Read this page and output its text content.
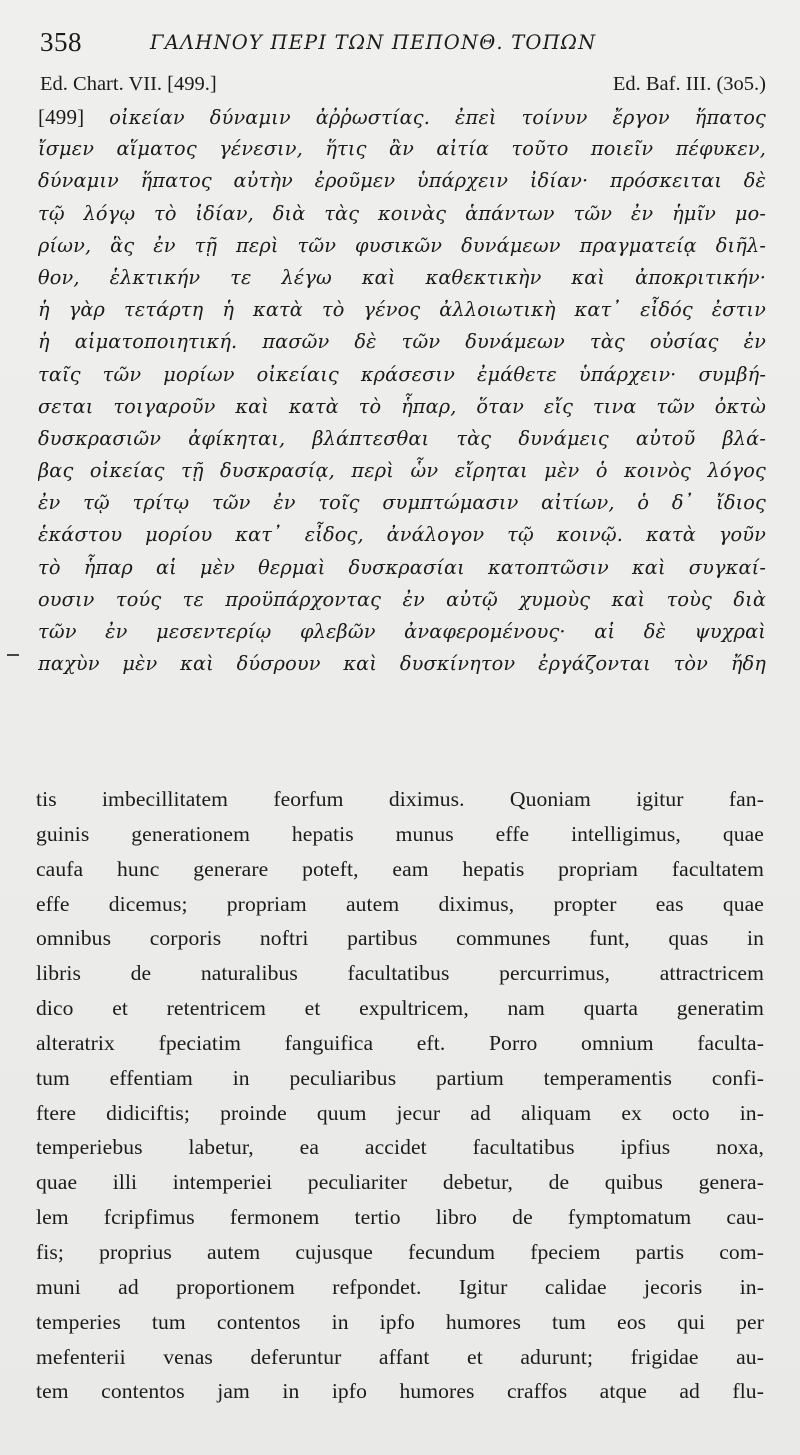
358	ΓΑΛΗΝΟΥ ΠΕΡΙ ΤΩΝ ΠΕΠΟΝΘ. ΤΟΠΩΝ
Ed. Chart. VII. [499.]	Ed. Baf. III. (3o5.)
[499] οἰκείαν δύναμιν ἀῤῥωστίας. ἐπεὶ τοίνυν ἔργον ἥπατος
ἴσμεν αἵματος γένεσιν, ἥτις ἂν αἰτία τοῦτο ποιεῖν πέφυκεν,
δύναμιν ἥπατος αὐτὴν ἐροῦμεν ὑπάρχειν ἰδίαν· πρόσκειται δὲ
τῷ λόγῳ τὸ ἰδίαν, διὰ τὰς κοινὰς ἁπάντων τῶν ἐν ἡμῖν μο-
ρίων, ἃς ἐν τῇ περὶ τῶν φυσικῶν δυνάμεων πραγματείᾳ διῆλ-
θον, ἑλκτικήν τε λέγω καὶ καθεκτικὴν καὶ ἀποκριτικήν·
ἡ γὰρ τετάρτη ἡ κατὰ τὸ γένος ἀλλοιωτικὴ κατ᾽ εἶδός ἐστιν
ἡ αἱματοποιητική. πασῶν δὲ τῶν δυνάμεων τὰς οὐσίας ἐν
ταῖς τῶν μορίων οἰκείαις κράσεσιν ἐμάθετε ὑπάρχειν· συμβή-
σεται τοιγαροῦν καὶ κατὰ τὸ ἧπαρ, ὅταν εἴς τινα τῶν ὀκτὼ
δυσκρασιῶν ἀφίκηται, βλάπτεσθαι τὰς δυνάμεις αὐτοῦ βλά-
βας οἰκείας τῇ δυσκρασίᾳ, περὶ ὧν εἴρηται μὲν ὁ κοινὸς λόγος
ἐν τῷ τρίτῳ τῶν ἐν τοῖς συμπτώμασιν αἰτίων, ὁ δ᾽ ἴδιος
ἑκάστου μορίου κατ᾽ εἶδος, ἀνάλογον τῷ κοινῷ. κατὰ γοῦν
τὸ ἧπαρ αἱ μὲν θερμαὶ δυσκρασίαι κατοπτῶσιν καὶ συγκαί-
ουσιν τούς τε προϋπάρχοντας ἐν αὐτῷ χυμοὺς καὶ τοὺς διὰ
τῶν ἐν μεσεντερίῳ φλεβῶν ἀναφερομένους· αἱ δὲ ψυχραὶ
παχὺν μὲν καὶ δύσρουν καὶ δυσκίνητον ἐργάζονται τὸν ἤδη
tis imbecillitatem feorfum diximus. Quoniam igitur fan-
guinis generationem hepatis munus effe intelligimus, quae
caufa hunc generare poteft, eam hepatis propriam facultatem
effe dicemus; propriam autem diximus, propter eas quae
omnibus corporis noftri partibus communes funt, quas in
libris de naturalibus facultatibus percurrimus, attractricem
dico et retentricem et expultricem, nam quarta generatim
alteratrix fpeciatim fanguifica eft. Porro omnium faculta-
tum effentiam in peculiaribus partium temperamentis confi-
ftere didiciftis; proinde quum jecur ad aliquam ex octo in-
temperiebus labetur, ea accidet facultatibus ipfius noxa,
quae illi intemperiei peculiariter debetur, de quibus genera-
lem fcripfimus fermonem tertio libro de fymptomatum cau-
fis; proprius autem cujusque fecundum fpeciem partis com-
muni ad proportionem refpondet. Igitur calidae jecoris in-
temperies tum contentos in ipfo humores tum eos qui per
mefenterii venas deferuntur affant et adurunt; frigidae au-
tem contentos jam in ipfo humores craffos atque ad flu-
